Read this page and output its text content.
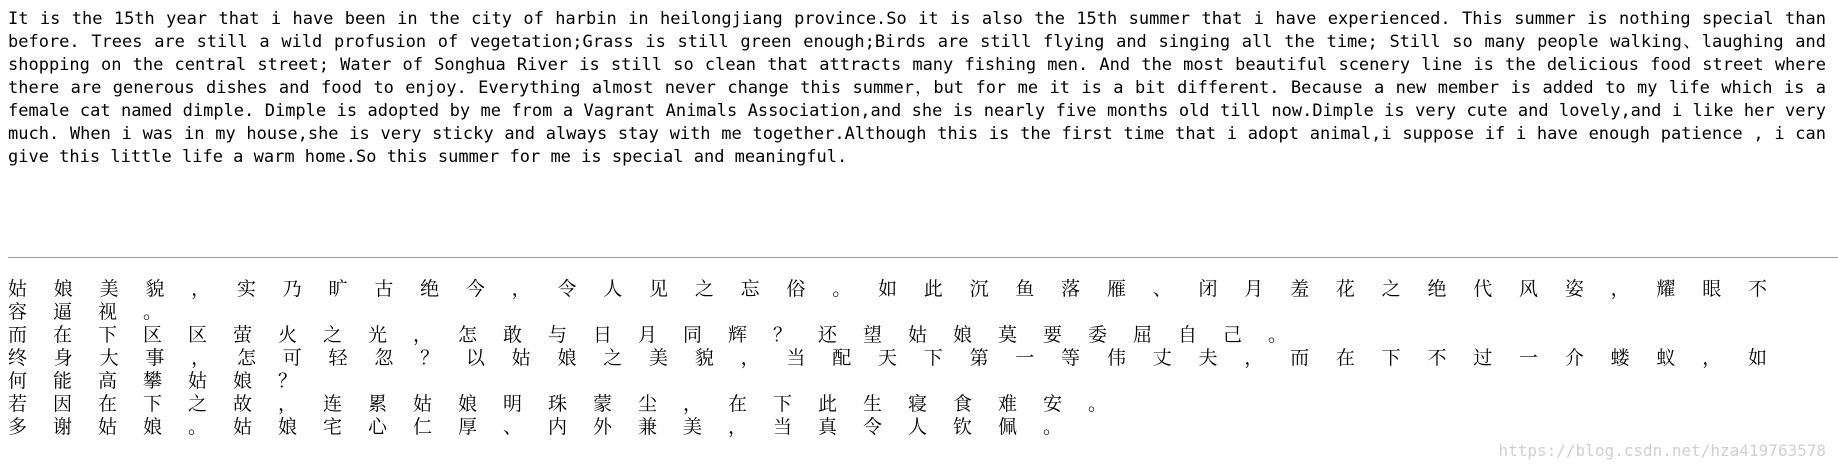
It is the 15th year that i have been in the city of harbin in heilongjiang province.So it is also the 15th summer that i have experienced. This summer is nothing special than before. Trees are still a wild profusion of vegetation;Grass is still green enough;Birds are still flying and singing all the time; Still so many people walking、laughing and shopping on the central street; Water of Songhua River is still so clean that attracts many fishing men. And the most beautiful scenery line is the delicious food street where there are generous dishes and food to enjoy. Everything almost never change this summer，but for me it is a bit different. Because a new member is added to my life which is a female cat named dimple. Dimple is adopted by me from a Vagrant Animals Association,and she is nearly five months old till now.Dimple is very cute and lovely,and i like her very much. When i was in my house,she is very sticky and always stay with me together.Although this is the first time that i adopt animal,i suppose if i have enough patience , i can give this little life a warm home.So this summer for me is special and meaningful.
姑娘美貌，实乃旷古绝今，令人见之忘俗。如此沉鱼落雁、闭月羞花之绝代风姿，耀眼不容逼视。
而在下区区萤火之光，怎敢与日月同辉？还望姑娘莫要委屈自己。
终身大事，怎可轻忽？以姑娘之美貌，当配天下第一等伟丈夫，而在下不过一介蝼蚁，如何能高攀姑娘？
若因在下之故，连累姑娘明珠蒙尘，在下此生寝食难安。
多谢姑娘。姑娘宅心仁厚、内外兼美，当真令人钦佩。
https://blog.csdn.net/hza419763578
